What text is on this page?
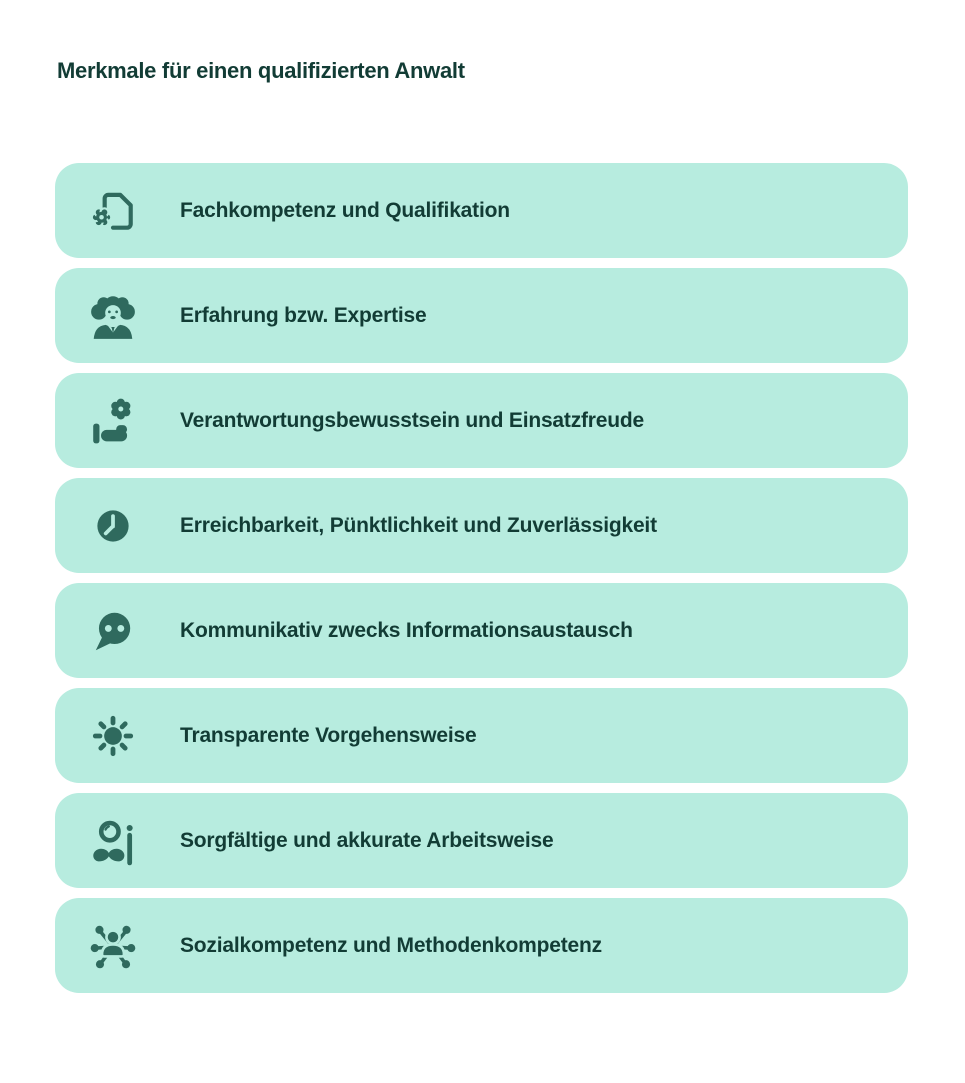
Merkmale für einen qualifizierten Anwalt
Fachkompetenz und Qualifikation
Erfahrung bzw. Expertise
Verantwortungsbewusstsein und Einsatzfreude
Erreichbarkeit, Pünktlichkeit und Zuverlässigkeit
Kommunikativ zwecks Informationsaustausch
Transparente Vorgehensweise
Sorgfältige und akkurate Arbeitsweise
Sozialkompetenz und Methodenkompetenz
